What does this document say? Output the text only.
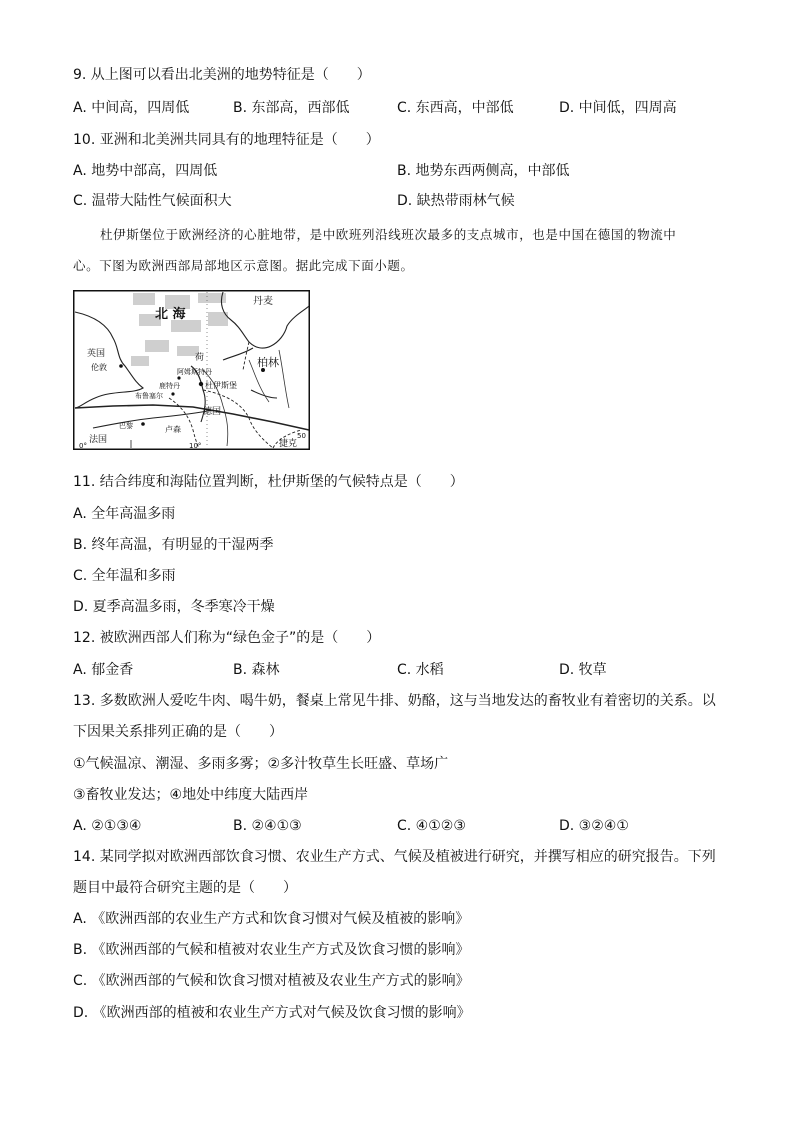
9. 从上图可以看出北美洲的地势特征是（　　）
A. 中间高，四周低	B. 东部高，西部低	C. 东西高，中部低	D. 中间低，四周高
10. 亚洲和北美洲共同具有的地理特征是（　　）
A. 地势中部高，四周低	B. 地势东西两侧高，中部低
C. 温带大陆性气候面积大	D. 缺热带雨林气候
杜伊斯堡位于欧洲经济的心脏地带，是中欧班列沿线班次最多的支点城市，也是中国在德国的物流中
心。下图为欧洲西部局部地区示意图。据此完成下面小题。
北 海
丹麦
英国
伦敦
荷
阿姆斯特丹
杜伊斯堡
鹿特丹
柏林
德国
布鲁塞尔
巴黎
法国
卢森
捷克
0°	10°
50
11. 结合纬度和海陆位置判断，杜伊斯堡的气候特点是（　　）
A. 全年高温多雨
B. 终年高温，有明显的干湿两季
C. 全年温和多雨
D. 夏季高温多雨，冬季寒冷干燥
12. 被欧洲西部人们称为“绿色金子”的是（　　）
A. 郁金香	B. 森林	C. 水稻	D. 牧草
13. 多数欧洲人爱吃牛肉、喝牛奶，餐桌上常见牛排、奶酪，这与当地发达的畜牧业有着密切的关系。以
下因果关系排列正确的是（　　）
①气候温凉、潮湿、多雨多雾；②多汁牧草生长旺盛、草场广
③畜牧业发达；④地处中纬度大陆西岸
A. ②①③④	B. ②④①③	C. ④①②③	D. ③②④①
14. 某同学拟对欧洲西部饮食习惯、农业生产方式、气候及植被进行研究，并撰写相应的研究报告。下列
题目中最符合研究主题的是（　　）
A. 《欧洲西部的农业生产方式和饮食习惯对气候及植被的影响》
B. 《欧洲西部的气候和植被对农业生产方式及饮食习惯的影响》
C. 《欧洲西部的气候和饮食习惯对植被及农业生产方式的影响》
D. 《欧洲西部的植被和农业生产方式对气候及饮食习惯的影响》
